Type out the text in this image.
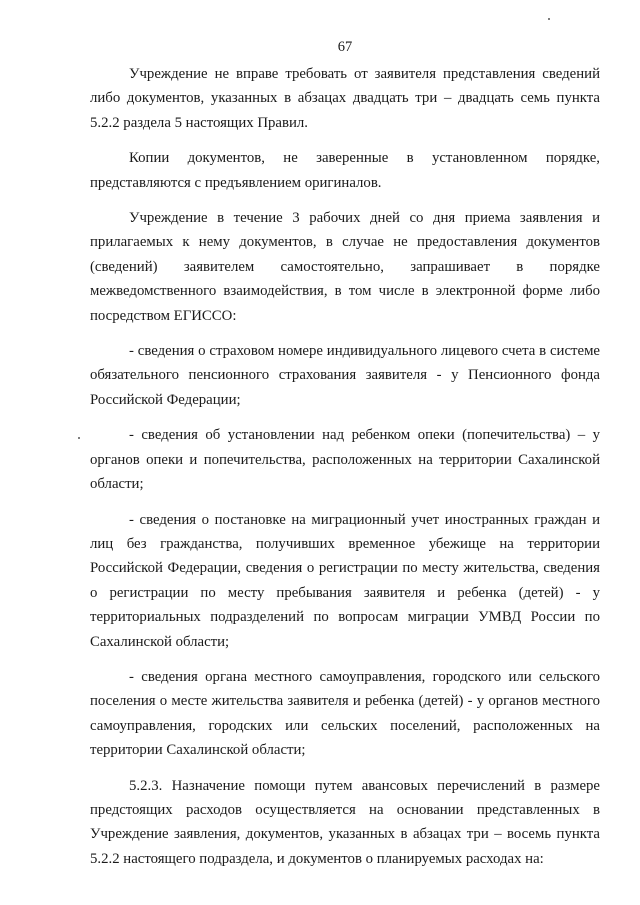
67

Учреждение не вправе требовать от заявителя представления сведений либо документов, указанных в абзацах двадцать три – двадцать семь пункта 5.2.2 раздела 5 настоящих Правил.

Копии документов, не заверенные в установленном порядке, представляются с предъявлением оригиналов.

Учреждение в течение 3 рабочих дней со дня приема заявления и прилагаемых к нему документов, в случае не предоставления документов (сведений) заявителем самостоятельно, запрашивает в порядке межведомственного взаимодействия, в том числе в электронной форме либо посредством ЕГИССО:

- сведения о страховом номере индивидуального лицевого счета в системе обязательного пенсионного страхования заявителя - у Пенсионного фонда Российской Федерации;

- сведения об установлении над ребенком опеки (попечительства) – у органов опеки и попечительства, расположенных на территории Сахалинской области;

- сведения о постановке на миграционный учет иностранных граждан и лиц без гражданства, получивших временное убежище на территории Российской Федерации, сведения о регистрации по месту жительства, сведения о регистрации по месту пребывания заявителя и ребенка (детей) - у территориальных подразделений по вопросам миграции УМВД России по Сахалинской области;

- сведения органа местного самоуправления, городского или сельского поселения о месте жительства заявителя и ребенка (детей) - у органов местного самоуправления, городских или сельских поселений, расположенных на территории Сахалинской области;

5.2.3. Назначение помощи путем авансовых перечислений в размере предстоящих расходов осуществляется на основании представленных в Учреждение заявления, документов, указанных в абзацах три – восемь пункта 5.2.2 настоящего подраздела, и документов о планируемых расходах на:
